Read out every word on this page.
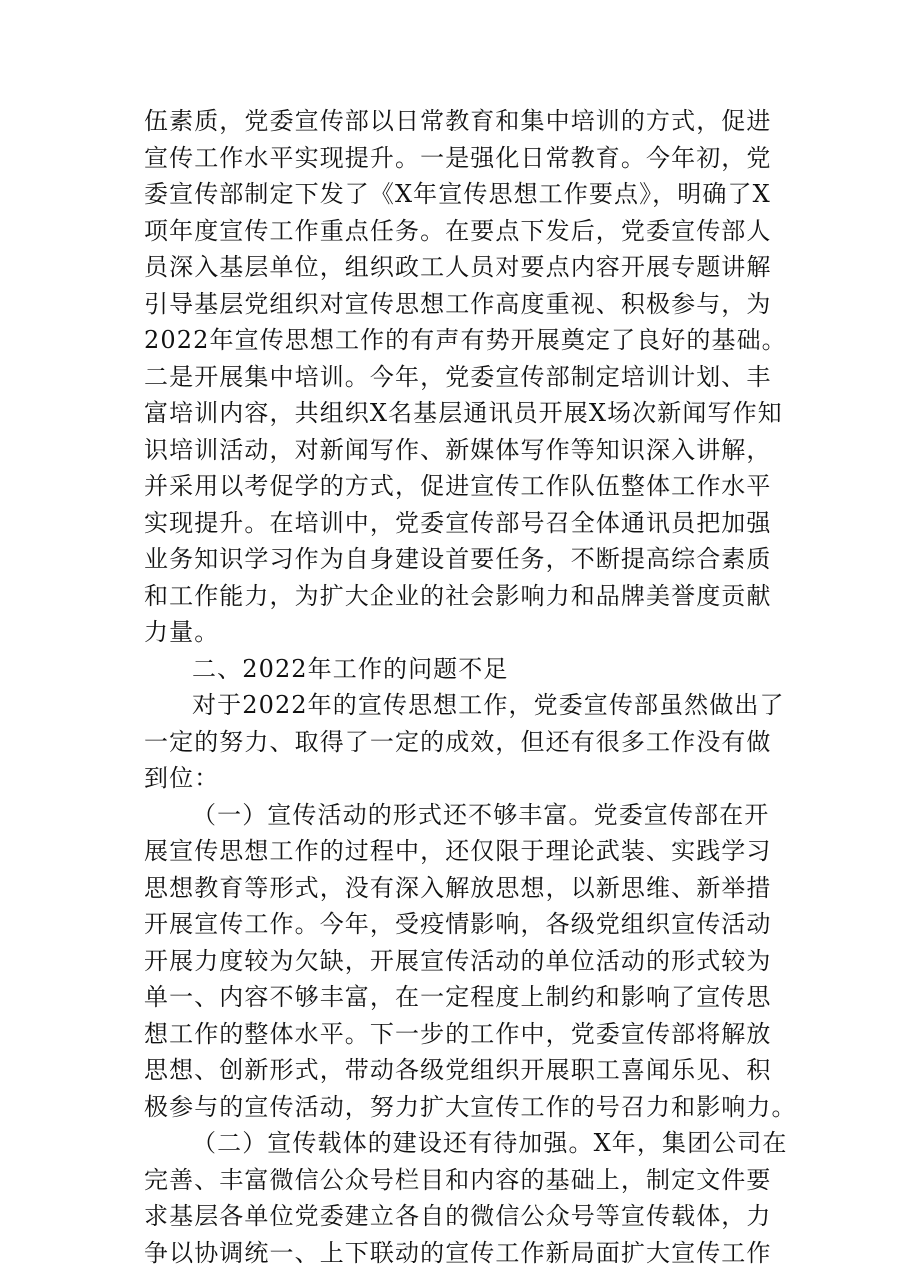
伍素质，党委宣传部以日常教育和集中培训的方式，促进
宣传工作水平实现提升。一是强化日常教育。今年初，党
委宣传部制定下发了《X年宣传思想工作要点》，明确了X
项年度宣传工作重点任务。在要点下发后，党委宣传部人
员深入基层单位，组织政工人员对要点内容开展专题讲解
引导基层党组织对宣传思想工作高度重视、积极参与，为
2022年宣传思想工作的有声有势开展奠定了良好的基础。
二是开展集中培训。今年，党委宣传部制定培训计划、丰
富培训内容，共组织X名基层通讯员开展X场次新闻写作知
识培训活动，对新闻写作、新媒体写作等知识深入讲解，
并采用以考促学的方式，促进宣传工作队伍整体工作水平
实现提升。在培训中，党委宣传部号召全体通讯员把加强
业务知识学习作为自身建设首要任务，不断提高综合素质
和工作能力，为扩大企业的社会影响力和品牌美誉度贡献
力量。
二、2022年工作的问题不足
对于2022年的宣传思想工作，党委宣传部虽然做出了
一定的努力、取得了一定的成效，但还有很多工作没有做
到位：
（一）宣传活动的形式还不够丰富。党委宣传部在开
展宣传思想工作的过程中，还仅限于理论武装、实践学习
思想教育等形式，没有深入解放思想，以新思维、新举措
开展宣传工作。今年，受疫情影响，各级党组织宣传活动
开展力度较为欠缺，开展宣传活动的单位活动的形式较为
单一、内容不够丰富，在一定程度上制约和影响了宣传思
想工作的整体水平。下一步的工作中，党委宣传部将解放
思想、创新形式，带动各级党组织开展职工喜闻乐见、积
极参与的宣传活动，努力扩大宣传工作的号召力和影响力。
（二）宣传载体的建设还有待加强。X年，集团公司在
完善、丰富微信公众号栏目和内容的基础上，制定文件要
求基层各单位党委建立各自的微信公众号等宣传载体，力
争以协调统一、上下联动的宣传工作新局面扩大宣传工作
